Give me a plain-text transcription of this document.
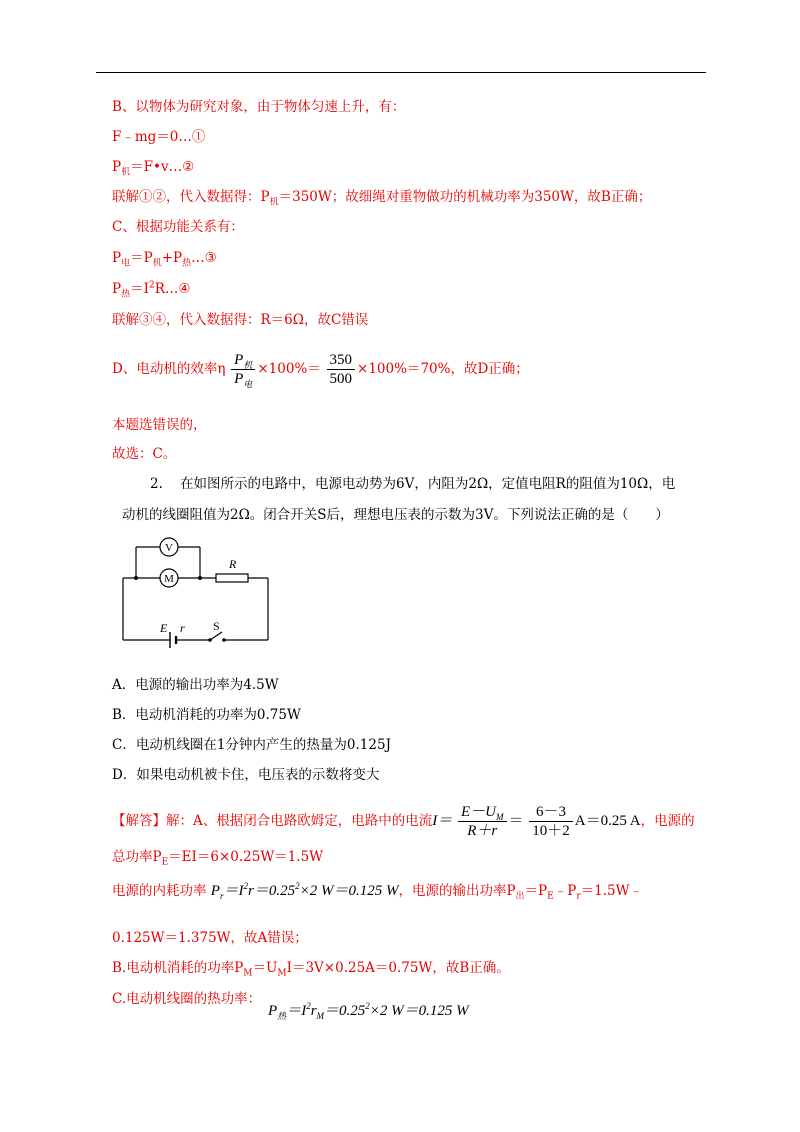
B、以物体为研究对象，由于物体匀速上升，有：
F﹣mg＝0…①
$P_机=F•v\dots ②$
联解①②，代入数据得：$P_机=350W$；故细绳对重物做功的机械功率为350W，故B正确；
C、根据功能关系有：
$P_电=P_机+P_热\dots ③$
$P_热=I^2R\dots ④$
联解③④，代入数据得：R＝6Ω，故C错误
D、电动机的效率η $\frac{P_机}{P_电} \times 100\%= \frac{350}{500} \times 100\%=70\%$，故D正确；
本题选错误的，
故选：C。
2. 在如图所示的电路中，电源电动势为6V，内阻为2Ω，定值电阻R的阻值为10Ω，电
动机的线圈阻值为2Ω。闭合开关S后，理想电压表的示数为3V。下列说法正确的是（　　）
V
M
R
E r S
A．电源的输出功率为4.5W
B．电动机消耗的功率为0.75W
C．电动机线圈在1分钟内产生的热量为0.125J
D．如果电动机被卡住，电压表的示数将变大
【解答】解：A、根据闭合电路欧姆定，电路中的电流$I= \frac{E-U_M}{R+r} = \frac{6-3}{10+2} A=0.25$ A，电源的
总功率$P_E=EI=6\times 0.25W=1.5W$
电源的内耗功率 $P_r=I^2r=0.25^2\times 2$ W＝0.125 W，电源的输出功率$P_出=P_E﹣P_r=1.5W﹣$
0.125W＝1.375W，故A错误；
B.电动机消耗的功率$P_M=U_MI=3V\times 0.25A=0.75W$，故B正确。
C.电动机线圈的热功率：
$P_热=I^2r_M=0.25^2\times 2$ W＝0.125 W
